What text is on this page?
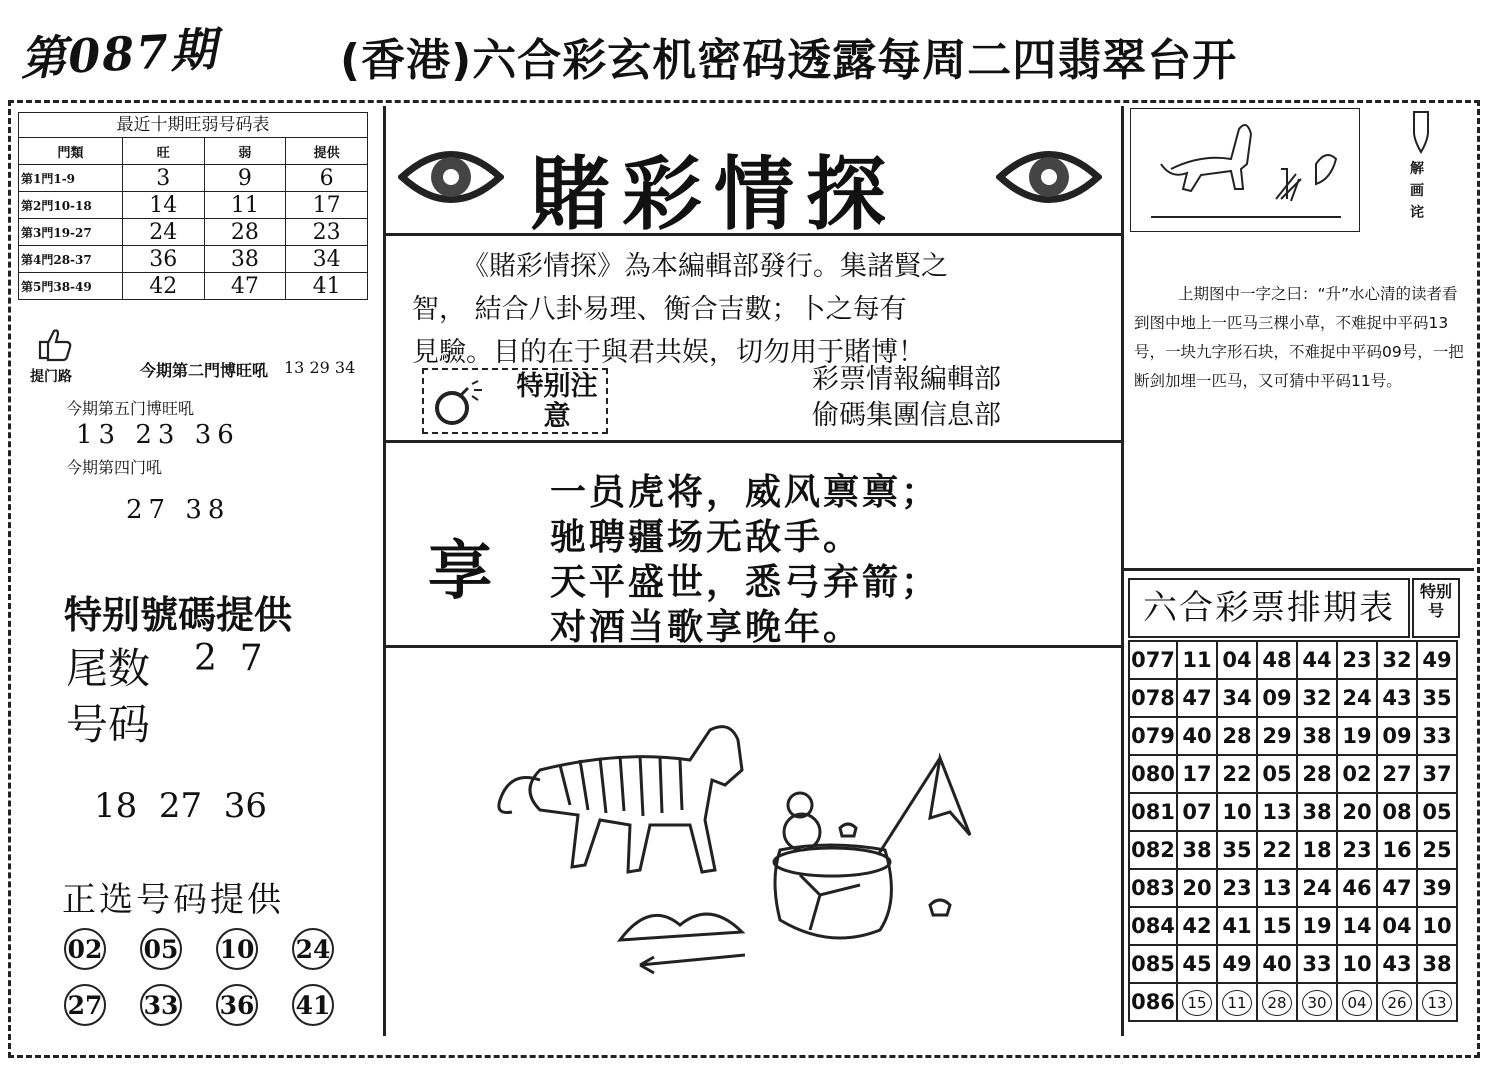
第087期	(香港)六合彩玄机密码透露每周二四翡翠台开
最近十期旺弱号码表
門類	旺	弱	提供
第1門1-9	3	9	6
第2門10-18	14	11	17
第3門19-27	24	28	23
第4門28-37	36	38	34
第5門38-49	42	47	41
提门路	今期第二門博旺吼 13 29 34
今期第五门博旺吼
13 23 36
今期第四门吼
27 38
特别號碼提供
尾数 2  7
号码
18  27  36
正选号码提供
02 05 10 24
27 33 36 41
賭彩情探
《賭彩情探》為本編輯部發行。集諸賢之
智， 結合八卦易理、衡合吉數；卜之每有
見驗。目的在于與君共娱，切勿用于賭博！
特别注意
彩票情報編輯部
偷碼集團信息部
享
一员虎将，威风禀禀；
驰聘疆场无敌手。
天平盛世，悉弓弃箭；
对酒当歌享晚年。
解画诧
上期图中一字之曰：“升”水心清的读者看到图中地上一匹马三棵小草，不难捉中平码13号，一块九字形石块，不难捉中平码09号，一把断剑加埋一匹马，又可猜中平码11号。
六合彩票排期表	特别号
077	11	04	48	44	23	32	49
078	47	34	09	32	24	43	35
079	40	28	29	38	19	09	33
080	17	22	05	28	02	27	37
081	07	10	13	38	20	08	05
082	38	35	22	18	23	16	25
083	20	23	13	24	46	47	39
084	42	41	15	19	14	04	10
085	45	49	40	33	10	43	38
086	15	11	28	30	04	26	13
